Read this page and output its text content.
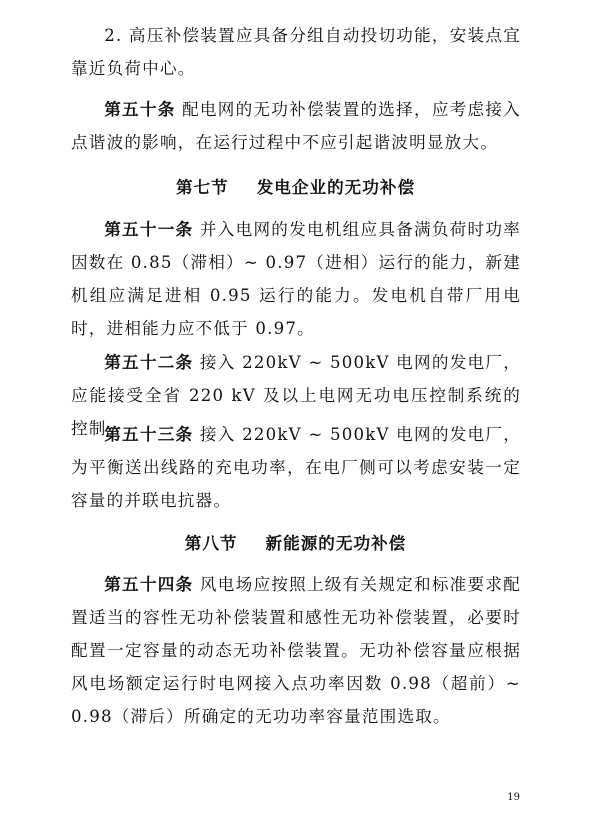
2. 高压补偿装置应具备分组自动投切功能，安装点宜靠近负荷中心。

第五十条 配电网的无功补偿装置的选择，应考虑接入点谐波的影响，在运行过程中不应引起谐波明显放大。

第七节 发电企业的无功补偿

第五十一条 并入电网的发电机组应具备满负荷时功率因数在 0.85（滞相）~ 0.97（进相）运行的能力，新建机组应满足进相 0.95 运行的能力。发电机自带厂用电时，进相能力应不低于 0.97。

第五十二条 接入 220kV ~ 500kV 电网的发电厂，应能接受全省 220 kV 及以上电网无功电压控制系统的控制。

第五十三条 接入 220kV ~ 500kV 电网的发电厂，为平衡送出线路的充电功率，在电厂侧可以考虑安装一定容量的并联电抗器。

第八节 新能源的无功补偿

第五十四条 风电场应按照上级有关规定和标准要求配置适当的容性无功补偿装置和感性无功补偿装置，必要时配置一定容量的动态无功补偿装置。无功补偿容量应根据风电场额定运行时电网接入点功率因数 0.98（超前）~ 0.98（滞后）所确定的无功功率容量范围选取。

19
